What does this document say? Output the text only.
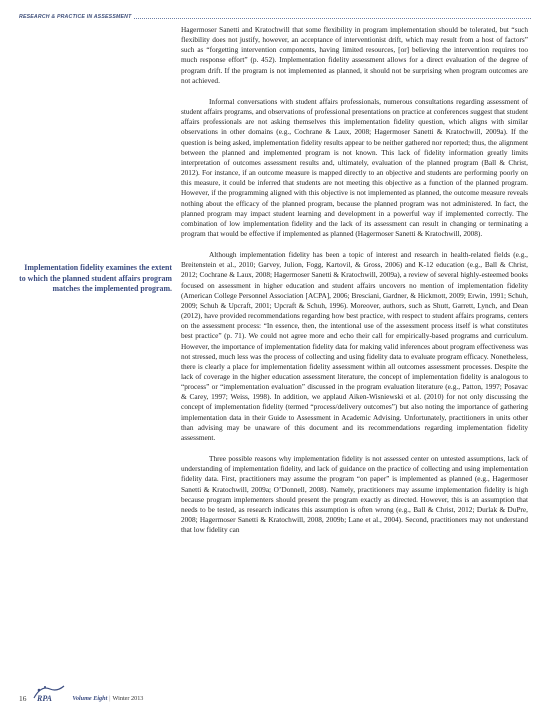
RESEARCH & PRACTICE IN ASSESSMENT
Implementation fidelity examines the extent to which the planned student affairs program matches the implemented program.

Hagermoser Sanetti and Kratochwill that some flexibility in program implementation should be tolerated, but “such flexibility does not justify, however, an acceptance of interventionist drift, which may result from a host of factors” such as “forgetting intervention components, having limited resources, [or] believing the intervention requires too much response effort” (p. 452). Implementation fidelity assessment allows for a direct evaluation of the degree of program drift. If the program is not implemented as planned, it should not be surprising when program outcomes are not achieved.

Informal conversations with student affairs professionals, numerous consultations regarding assessment of student affairs programs, and observations of professional presentations on practice at conferences suggest that student affairs professionals are not asking themselves this implementation fidelity question, which aligns with similar observations in other domains (e.g., Cochrane & Laux, 2008; Hagermoser Sanetti & Kratochwill, 2009a). If the question is being asked, implementation fidelity results appear to be neither gathered nor reported; thus, the alignment between the planned and implemented program is not known. This lack of fidelity information greatly limits interpretation of outcomes assessment results and, ultimately, evaluation of the planned program (Ball & Christ, 2012). For instance, if an outcome measure is mapped directly to an objective and students are performing poorly on this measure, it could be inferred that students are not meeting this objective as a function of the planned program. However, if the programming aligned with this objective is not implemented as planned, the outcome measure reveals nothing about the efficacy of the planned program, because the planned program was not administered. In fact, the planned program may impact student learning and development in a powerful way if implemented correctly. The combination of low implementation fidelity and the lack of its assessment can result in changing or terminating a program that would be effective if implemented as planned (Hagermoser Sanetti & Kratochwill, 2008).

Although implementation fidelity has been a topic of interest and research in health-related fields (e.g., Breitenstein et al., 2010; Garvey, Julion, Fogg, Kartovil, & Gross, 2006) and K-12 education (e.g., Ball & Christ, 2012; Cochrane & Laux, 2008; Hagermoser Sanetti & Kratochwill, 2009a), a review of several highly-esteemed books focused on assessment in higher education and student affairs uncovers no mention of implementation fidelity (American College Personnel Association [ACPA], 2006; Bresciani, Gardner, & Hickmott, 2009; Erwin, 1991; Schuh, 2009; Schuh & Upcraft, 2001; Upcraft & Schuh, 1996). Moreover, authors, such as Shutt, Garrett, Lynch, and Dean (2012), have provided recommendations regarding how best practice, with respect to student affairs programs, centers on the assessment process: “In essence, then, the intentional use of the assessment process itself is what constitutes best practice” (p. 71). We could not agree more and echo their call for empirically-based programs and curriculum. However, the importance of implementation fidelity data for making valid inferences about program effectiveness was not stressed, much less was the process of collecting and using fidelity data to evaluate program efficacy. Nonetheless, there is clearly a place for implementation fidelity assessment within all outcomes assessment processes. Despite the lack of coverage in the higher education assessment literature, the concept of implementation fidelity is analogous to “process” or “implementation evaluation” discussed in the program evaluation literature (e.g., Patton, 1997; Posavac & Carey, 1997; Weiss, 1998). In addition, we applaud Aiken-Wisniewski et al. (2010) for not only discussing the concept of implementation fidelity (termed “process/delivery outcomes”) but also noting the importance of gathering implementation data in their Guide to Assessment in Academic Advising. Unfortunately, practitioners in units other than advising may be unaware of this document and its recommendations regarding implementation fidelity assessment.

Three possible reasons why implementation fidelity is not assessed center on untested assumptions, lack of understanding of implementation fidelity, and lack of guidance on the practice of collecting and using implementation fidelity data. First, practitioners may assume the program “on paper” is implemented as planned (e.g., Hagermoser Sanetti & Kratochwill, 2009a; O’Donnell, 2008). Namely, practitioners may assume implementation fidelity is high because program implementers should present the program exactly as directed. However, this is an assumption that needs to be tested, as research indicates this assumption is often wrong (e.g., Ball & Christ, 2012; Durlak & DuPre, 2008; Hagermoser Sanetti & Kratochwill, 2008, 2009b; Lane et al., 2004). Second, practitioners may not understand that low fidelity can

16 RPA	Volume Eight | Winter 2013
